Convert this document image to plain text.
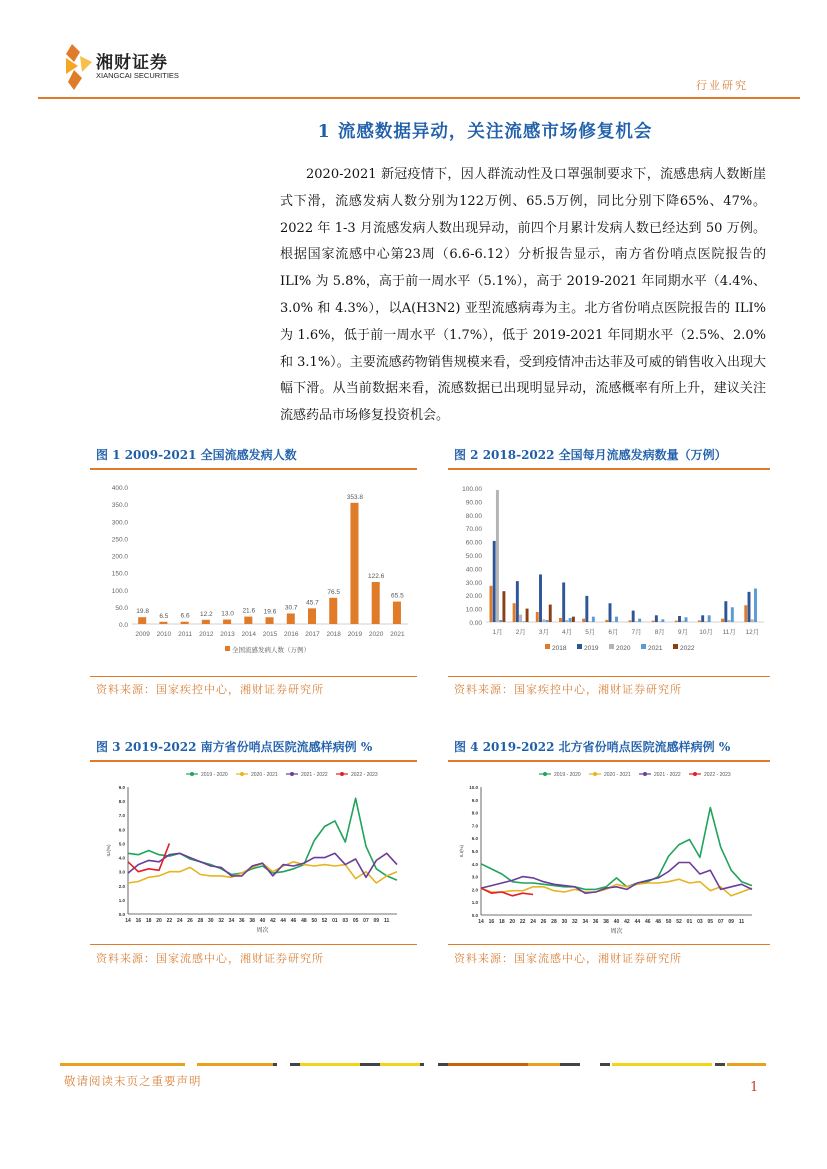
湘财证券
XIANGCAI SECURITIES
行业研究
1 流感数据异动，关注流感市场修复机会
2020-2021 新冠疫情下，因人群流动性及口罩强制要求下，流感患病人数断崖式下滑，流感发病人数分别为122万例、65.5万例，同比分别下降65%、47%。2022 年 1-3 月流感发病人数出现异动，前四个月累计发病人数已经达到 50 万例。根据国家流感中心第23周（6.6-6.12）分析报告显示，南方省份哨点医院报告的 ILI% 为 5.8%，高于前一周水平（5.1%），高于 2019-2021 年同期水平（4.4%、3.0% 和 4.3%），以A(H3N2) 亚型流感病毒为主。北方省份哨点医院报告的 ILI% 为 1.6%，低于前一周水平（1.7%），低于 2019-2021 年同期水平（2.5%、2.0% 和 3.1%）。主要流感药物销售规模来看，受到疫情冲击达菲及可威的销售收入出现大幅下滑。从当前数据来看，流感数据已出现明显异动，流感概率有所上升，建议关注流感药品市场修复投资机会。
图 1 2009-2021 全国流感发病人数
0.0
50.0
100.0
150.0
200.0
250.0
300.0
350.0
400.0
2009
19.8
2010
6.5
2011
6.6
2012
12.2
2013
13.0
2014
21.6
2015
19.6
2016
30.7
2017
45.7
2018
76.5
2019
353.8
2020
122.6
2021
65.5
全国流感发病人数（万例）
资料来源：国家疾控中心，湘财证券研究所
图 2 2018-2022 全国每月流感发病数量（万例）
0.00
10.00
20.00
30.00
40.00
50.00
60.00
70.00
80.00
90.00
100.00
1月 2月 3月 4月 5月 6月 7月 8月 9月 10月 11月 12月
2018	2019	2020	2021	2022
资料来源：国家疾控中心，湘财证券研究所
图 3 2019-2022 南方省份哨点医院流感样病例 %
0.0
1.0
2.0
3.0
4.0
5.0
6.0
7.0
8.0
9.0
14 16 18 20 22 24 26 28 30 32 34 36 38 40 42 44 46 48 50 52 01 03 05 07 09 11
周次
ILI(%)
2019 - 2020	2020 - 2021	2021 - 2022	2022 - 2023
资料来源：国家流感中心，湘财证券研究所
图 4 2019-2022 北方省份哨点医院流感样病例 %
0.0
1.0
2.0
3.0
4.0
5.0
6.0
7.0
8.0
9.0
10.0
14 16 18 20 22 24 26 28 30 32 34 36 38 40 42 44 46 48 50 52 01 03 05 07 09 11
周次
ILI(%)
2019 - 2020	2020 - 2021	2021 - 2022	2022 - 2023
资料来源：国家流感中心，湘财证券研究所
敬请阅读末页之重要声明	1
